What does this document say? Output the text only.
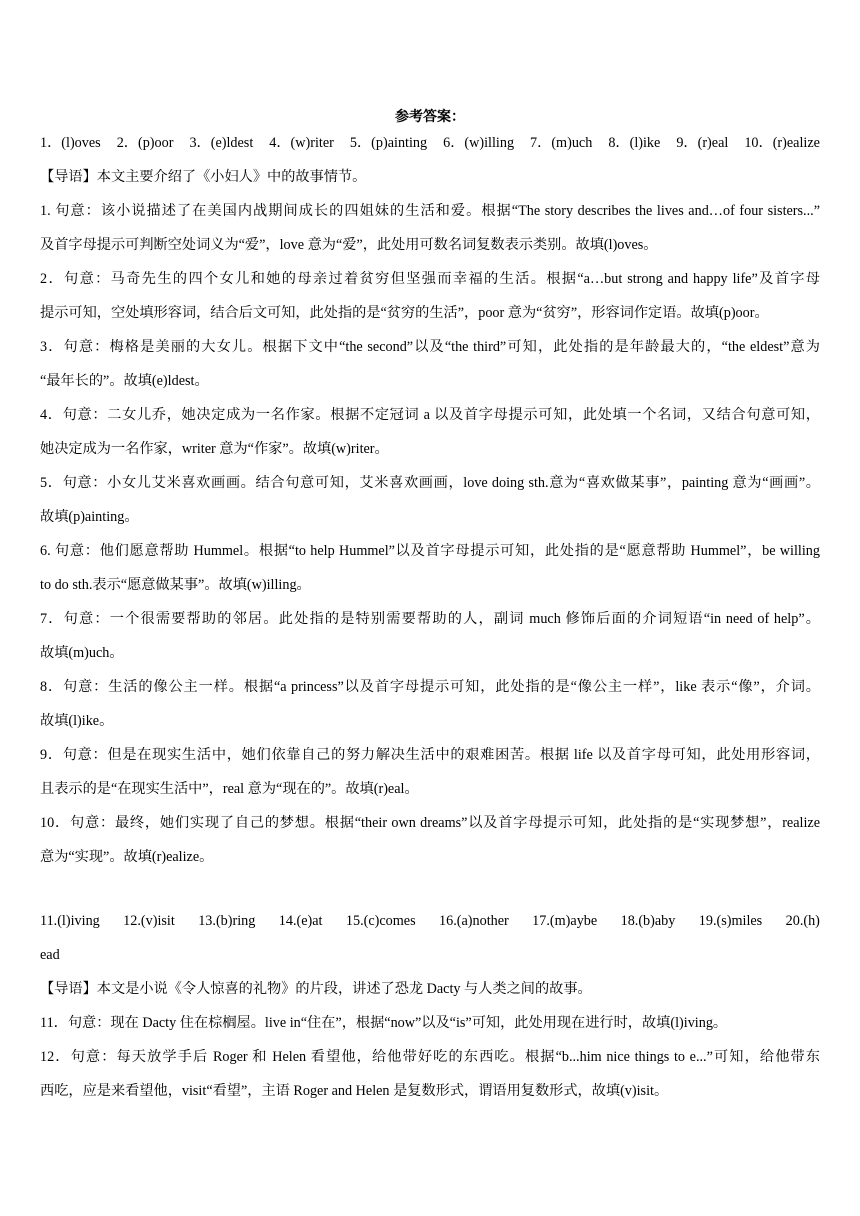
参考答案：
1．(l)oves 2．(p)oor 3．(e)ldest 4．(w)riter 5．(p)ainting 6．(w)illing 7．(m)uch 8．(l)ike 9．(r)eal 10．(r)ealize
【导语】本文主要介绍了《小妇人》中的故事情节。
1. 句意：该小说描述了在美国内战期间成长的四姐妹的生活和爱。根据“The story describes the lives and…of four sisters...”
及首字母提示可判断空处词义为“爱”，love 意为“爱”，此处用可数名词复数表示类别。故填(l)oves。
2．句意：马奇先生的四个女儿和她的母亲过着贫穷但坚强而幸福的生活。根据“a…but strong and happy life”及首字母
提示可知，空处填形容词，结合后文可知，此处指的是“贫穷的生活”，poor 意为“贫穷”，形容词作定语。故填(p)oor。
3．句意：梅格是美丽的大女儿。根据下文中“the second”以及“the third”可知，此处指的是年龄最大的，“the eldest”意为
“最年长的”。故填(e)ldest。
4．句意：二女儿乔，她决定成为一名作家。根据不定冠词 a 以及首字母提示可知，此处填一个名词，又结合句意可知，
她决定成为一名作家，writer 意为“作家”。故填(w)riter。
5．句意：小女儿艾米喜欢画画。结合句意可知，艾米喜欢画画，love doing sth.意为“喜欢做某事”，painting 意为“画画”。
故填(p)ainting。
6. 句意：他们愿意帮助 Hummel。根据“to help Hummel”以及首字母提示可知，此处指的是“愿意帮助 Hummel”，be willing
to do sth.表示“愿意做某事”。故填(w)illing。
7．句意：一个很需要帮助的邻居。此处指的是特别需要帮助的人，副词 much 修饰后面的介词短语“in need of help”。
故填(m)uch。
8．句意：生活的像公主一样。根据“a princess”以及首字母提示可知，此处指的是“像公主一样”，like 表示“像”，介词。
故填(l)ike。
9．句意：但是在现实生活中，她们依靠自己的努力解决生活中的艰难困苦。根据 life 以及首字母可知，此处用形容词，
且表示的是“在现实生活中”，real 意为“现在的”。故填(r)eal。
10．句意：最终，她们实现了自己的梦想。根据“their own dreams”以及首字母提示可知，此处指的是“实现梦想”，realize
意为“实现”。故填(r)ealize。
11.(l)iving 12.(v)isit 13.(b)ring 14.(e)at 15.(c)comes 16.(a)nother 17.(m)aybe 18.(b)aby 19.(s)miles 20.(h)
ead
【导语】本文是小说《令人惊喜的礼物》的片段，讲述了恐龙 Dacty 与人类之间的故事。
11．句意：现在 Dacty 住在棕榈屋。live in“住在”，根据“now”以及“is”可知，此处用现在进行时，故填(l)iving。
12．句意：每天放学手后 Roger 和 Helen 看望他，给他带好吃的东西吃。根据“b...him nice things to e...”可知，给他带东
西吃，应是来看望他，visit“看望”，主语 Roger and Helen 是复数形式，谓语用复数形式，故填(v)isit。
